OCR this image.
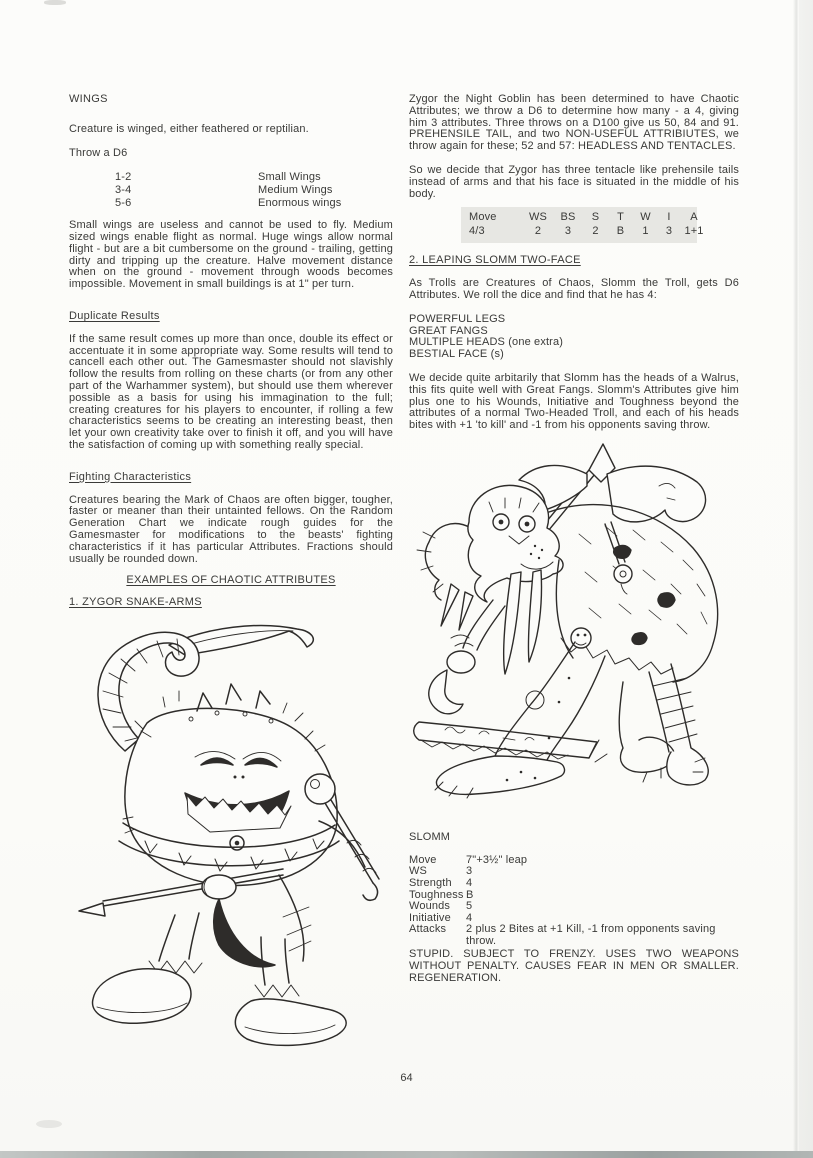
WINGS

Creature is winged, either feathered or reptilian.

Throw a D6
1-2	Small Wings
3-4	Medium Wings
5-6	Enormous wings

Small wings are useless and cannot be used to fly. Medium sized wings enable flight as normal. Huge wings allow normal flight - but are a bit cumbersome on the ground - trailing, getting dirty and tripping up the creature. Halve movement distance when on the ground - movement through woods becomes impossible. Movement in small buildings is at 1" per turn.

Duplicate Results

If the same result comes up more than once, double its effect or accentuate it in some appropriate way. Some results will tend to cancell each other out. The Gamesmaster should not slavishly follow the results from rolling on these charts (or from any other part of the Warhammer system), but should use them wherever possible as a basis for using his immagination to the full; creating creatures for his players to encounter, if rolling a few characteristics seems to be creating an interesting beast, then let your own creativity take over to finish it off, and you will have the satisfaction of coming up with something really special.

Fighting Characteristics

Creatures bearing the Mark of Chaos are often bigger, tougher, faster or meaner than their untainted fellows. On the Random Generation Chart we indicate rough guides for the Gamesmaster for modifications to the beasts' fighting characteristics if it has particular Attributes. Fractions should usually be rounded down.

EXAMPLES OF CHAOTIC ATTRIBUTES
1. ZYGOR SNAKE-ARMS

Zygor the Night Goblin has been determined to have Chaotic Attributes; we throw a D6 to determine how many - a 4, giving him 3 attributes. Three throws on a D100 give us 50, 84 and 91. PREHENSILE TAIL, and two NON-USEFUL ATTRIBIUTES, we throw again for these; 52 and 57: HEADLESS AND TENTACLES.

So we decide that Zygor has three tentacle like prehensile tails instead of arms and that his face is situated in the middle of his body.

Move	WS	BS	S	T	W	I	A
4/3	2	3	2	B	1	3	1+1
2. LEAPING SLOMM TWO-FACE

As Trolls are Creatures of Chaos, Slomm the Troll, gets D6 Attributes. We roll the dice and find that he has 4:

POWERFUL LEGS
GREAT FANGS
MULTIPLE HEADS (one extra)
BESTIAL FACE (s)

We decide quite arbitarily that Slomm has the heads of a Walrus, this fits quite well with Great Fangs. Slomm's Attributes give him plus one to his Wounds, Initiative and Toughness beyond the attributes of a normal Two-Headed Troll, and each of his heads bites with +1 'to kill' and -1 from his opponents saving throw.

SLOMM
Move	7"+3½" leap
WS	3
Strength	4
Toughness B
Wounds	5
Initiative	4
Attacks	2 plus 2 Bites at +1 Kill, -1 from opponents saving throw.

STUPID. SUBJECT TO FRENZY. USES TWO WEAPONS WITHOUT PENALTY. CAUSES FEAR IN MEN OR SMALLER. REGENERATION.

64
